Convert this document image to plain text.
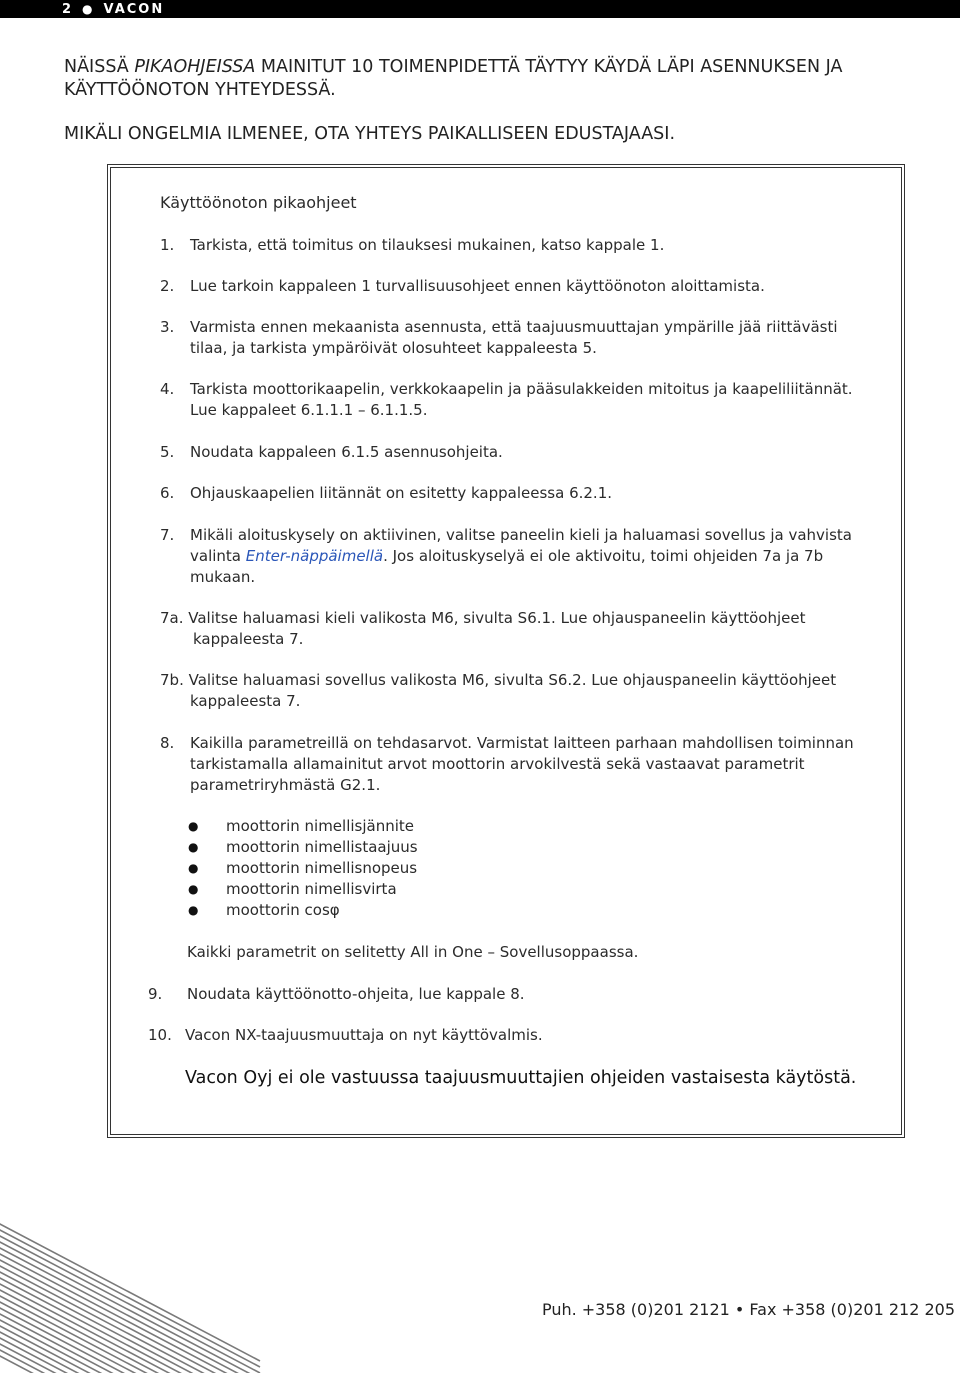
2 ● VACON
NÄISSÄ PIKAOHJEISSA MAINITUT 10 TOIMENPIDETTÄ TÄYTYY KÄYDÄ LÄPI ASENNUKSEN JA
KÄYTTÖÖNOTON YHTEYDESSÄ.
MIKÄLI ONGELMIA ILMENEE, OTA YHTEYS PAIKALLISEEN EDUSTAJAASI.
Käyttöönoton pikaohjeet
1. Tarkista, että toimitus on tilauksesi mukainen, katso kappale 1.
2. Lue tarkoin kappaleen 1 turvallisuusohjeet ennen käyttöönoton aloittamista.
3. Varmista ennen mekaanista asennusta, että taajuusmuuttajan ympärille jää riittävästi
tilaa, ja tarkista ympäröivät olosuhteet kappaleesta 5.
4. Tarkista moottorikaapelin, verkkokaapelin ja pääsulakkeiden mitoitus ja kaapeliliitännät.
Lue kappaleet 6.1.1.1 – 6.1.1.5.
5. Noudata kappaleen 6.1.5 asennusohjeita.
6. Ohjauskaapelien liitännät on esitetty kappaleessa 6.2.1.
7. Mikäli aloituskysely on aktiivinen, valitse paneelin kieli ja haluamasi sovellus ja vahvista
valinta Enter-näppäimellä. Jos aloituskyselyä ei ole aktivoitu, toimi ohjeiden 7a ja 7b
mukaan.
7a. Valitse haluamasi kieli valikosta M6, sivulta S6.1. Lue ohjauspaneelin käyttöohjeet
kappaleesta 7.
7b. Valitse haluamasi sovellus valikosta M6, sivulta S6.2. Lue ohjauspaneelin käyttöohjeet
kappaleesta 7.
8. Kaikilla parametreillä on tehdasarvot. Varmistat laitteen parhaan mahdollisen toiminnan
tarkistamalla allamainitut arvot moottorin arvokilvestä sekä vastaavat parametrit
parametriryhmästä G2.1.
● moottorin nimellisjännite
● moottorin nimellistaajuus
● moottorin nimellisnopeus
● moottorin nimellisvirta
● moottorin cosφ
Kaikki parametrit on selitetty All in One – Sovellusoppaassa.
9. Noudata käyttöönotto-ohjeita, lue kappale 8.
10. Vacon NX-taajuusmuuttaja on nyt käyttövalmis.
Vacon Oyj ei ole vastuussa taajuusmuuttajien ohjeiden vastaisesta käytöstä.
Puh. +358 (0)201 2121 • Fax +358 (0)201 212 205
